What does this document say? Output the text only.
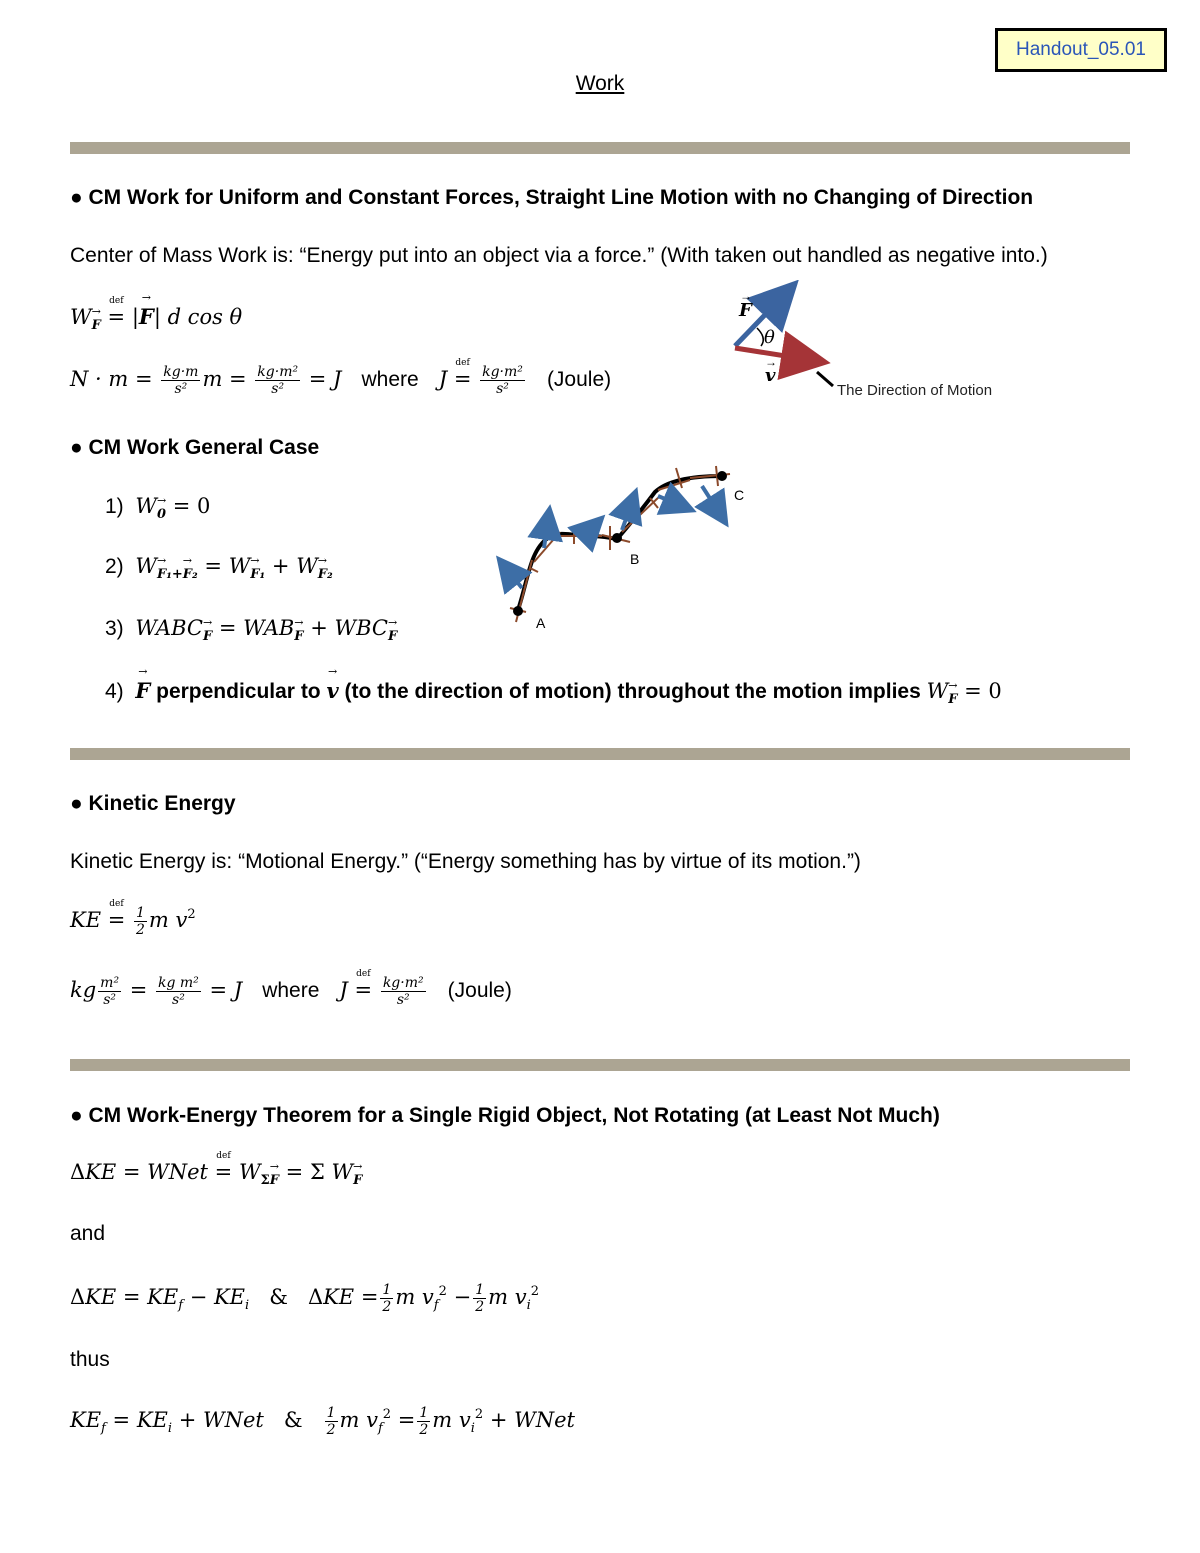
Handout_05.01
Work
● CM Work for Uniform and Constant Forces, Straight Line Motion with no Changing of Direction
Center of Mass Work is: “Energy put into an object via a force.” (With taken out handled as negative into.)
W→ $_F$
def
= |→ F| d cos θ
$N \cdot m = \frac{kg\cdot m}{\text{s²}}$ $m = \frac{\text{kg·m²}}{\text{s²}} = J$   where   J
def
= $\frac{\text{kg·m²}}{\text{s²}}$ (Joule)
F
→
θ
v
→
The Direction of Motion
● CM Work General Case
1) W→ $_0$ = 0
2) W→ $_{F_1+\to F_2}$ = W→ $_{F_1}$ + W→ $_{F_2}$
3) WABC→ $_F$ = WAB→ $_F$ + WBC→ $_F$
4)  → F perpendicular to → v (to the direction of motion) throughout the motion implies W→ $_F$ = 0
A
B
C
● Kinetic Energy
Kinetic Energy is: “Motional Energy.” (“Energy something has by virtue of its motion.”)
KE
def
= $\frac{1}{2}$ m $v^2$
kg $\frac{\text{m²}}{\text{s²}} = \frac{\text{kg m²}}{\text{s²}} = J$   where   J
def
= $\frac{\text{kg·m²}}{\text{s²}}$ (Joule)
● CM Work-Energy Theorem for a Single Rigid Object, Not Rotating (at Least Not Much)
ΔKE = WNet
def
= $W_{\Sigma\to F} = \Sigma$ W→ $_F$
and
$\Delta KE = KE_f - KE_i$ & $\Delta KE = \frac{1}{2}$ m $v_f^2 - \frac{1}{2}$ m $v_i^2$
thus
$KE_f = KE_i$ + WNet   & $\frac{1}{2}$ m $v_f^2 = \frac{1}{2}$ m $v_i^2$ + WNet
